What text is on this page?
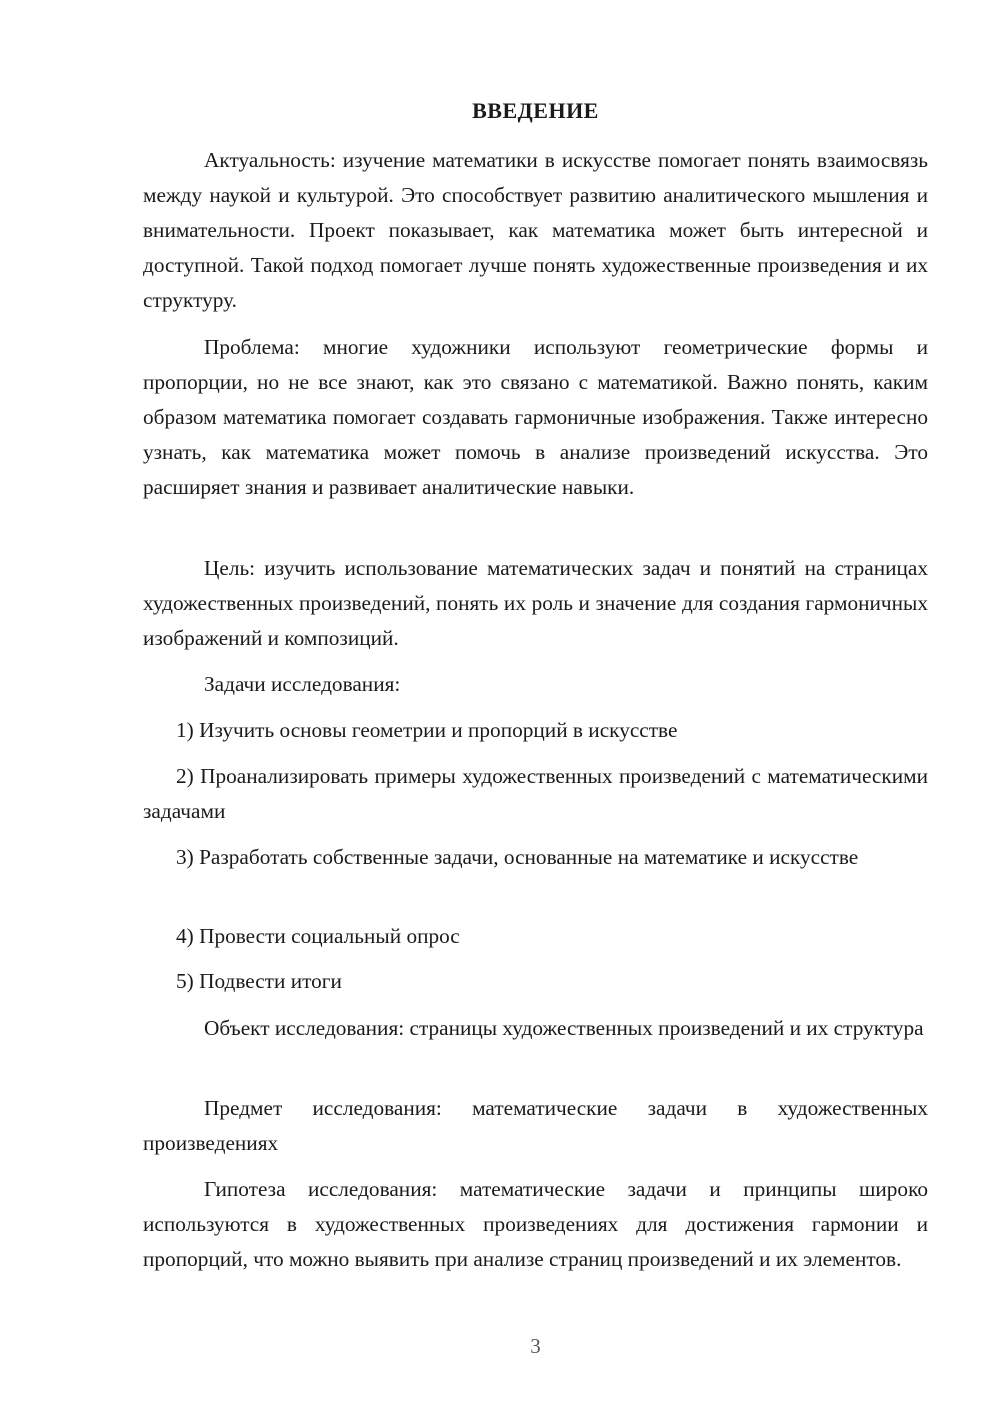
ВВЕДЕНИЕ

Актуальность: изучение математики в искусстве помогает понять взаимосвязь между наукой и культурой. Это способствует развитию аналитического мышления и внимательности. Проект показывает, как математика может быть интересной и доступной. Такой подход помогает лучше понять художественные произведения и их структуру.

Проблема: многие художники используют геометрические формы и пропорции, но не все знают, как это связано с математикой. Важно понять, каким образом математика помогает создавать гармоничные изображения. Также интересно узнать, как математика может помочь в анализе произведений искусства. Это расширяет знания и развивает аналитические навыки.

Цель: изучить использование математических задач и понятий на страницах художественных произведений, понять их роль и значение для создания гармоничных изображений и композиций.

Задачи исследования:

1) Изучить основы геометрии и пропорций в искусстве

2) Проанализировать примеры художественных произведений с математическими задачами

3) Разработать собственные задачи, основанные на математике и искусстве

4) Провести социальный опрос

5) Подвести итоги

Объект исследования: страницы художественных произведений и их структура

Предмет исследования: математические задачи в художественных произведениях

Гипотеза исследования: математические задачи и принципы широко используются в художественных произведениях для достижения гармонии и пропорций, что можно выявить при анализе страниц произведений и их элементов.

3
